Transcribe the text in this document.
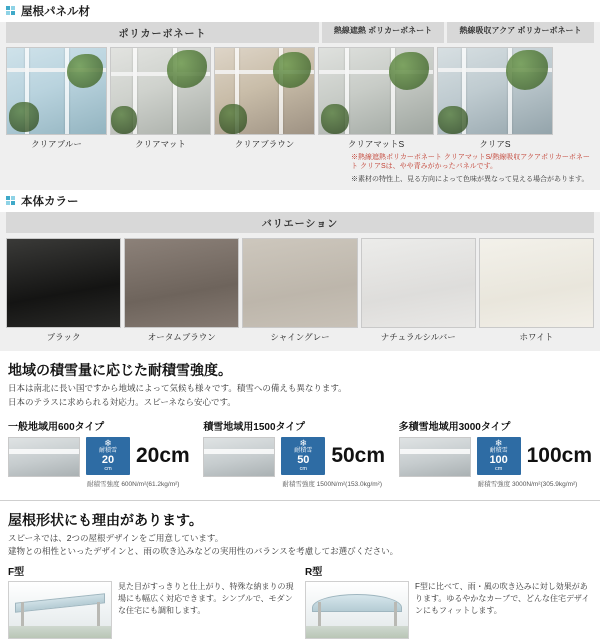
屋根パネル材
ポリカーボネート	熱線遮熱 ポリカーボネート	熱線吸収アクア ポリカーボネート
クリアブルー	クリアマット	クリアブラウン	クリアマットS	クリアS
※熱線遮熱ポリカーボネート クリアマットS/熱線吸収アクアポリカーボネート クリアSは、やや青みがかったパネルです。
※素材の特性上、見る方向によって色味が異なって見える場合があります。
本体カラー
バリエーション
ブラック	オータムブラウン	シャイングレー	ナチュラルシルバー	ホワイト
地域の積雪量に応じた耐積雪強度。
日本は南北に長い国ですから地域によって気候も様々です。積雪への備えも異なります。
日本のテラスに求められる対応力。スピーネなら安心です。
一般地域用600タイプ
❄
耐積雪
20
cm
20cm
耐積雪強度 600N/m²(61.2kg/m²)
積雪地域用1500タイプ
❄
耐積雪
50
cm
50cm
耐積雪強度 1500N/m²(153.0kg/m²)
多積雪地域用3000タイプ
❄
耐積雪
100
cm
100cm
耐積雪強度 3000N/m²(305.9kg/m²)
屋根形状にも理由があります。
スピーネでは、2つの屋根デザインをご用意しています。
建物との相性といったデザインと、雨の吹き込みなどの実用性のバランスを考慮してお選びください。
F型
見た目がすっきりと仕上がり、特殊な納まりの現場にも幅広く対応できます。シンプルで、モダンな住宅にも調和します。
R型
F型に比べて、雨・風の吹き込みに対し効果があります。ゆるやかなカーブで、どんな住宅デザインにもフィットします。
